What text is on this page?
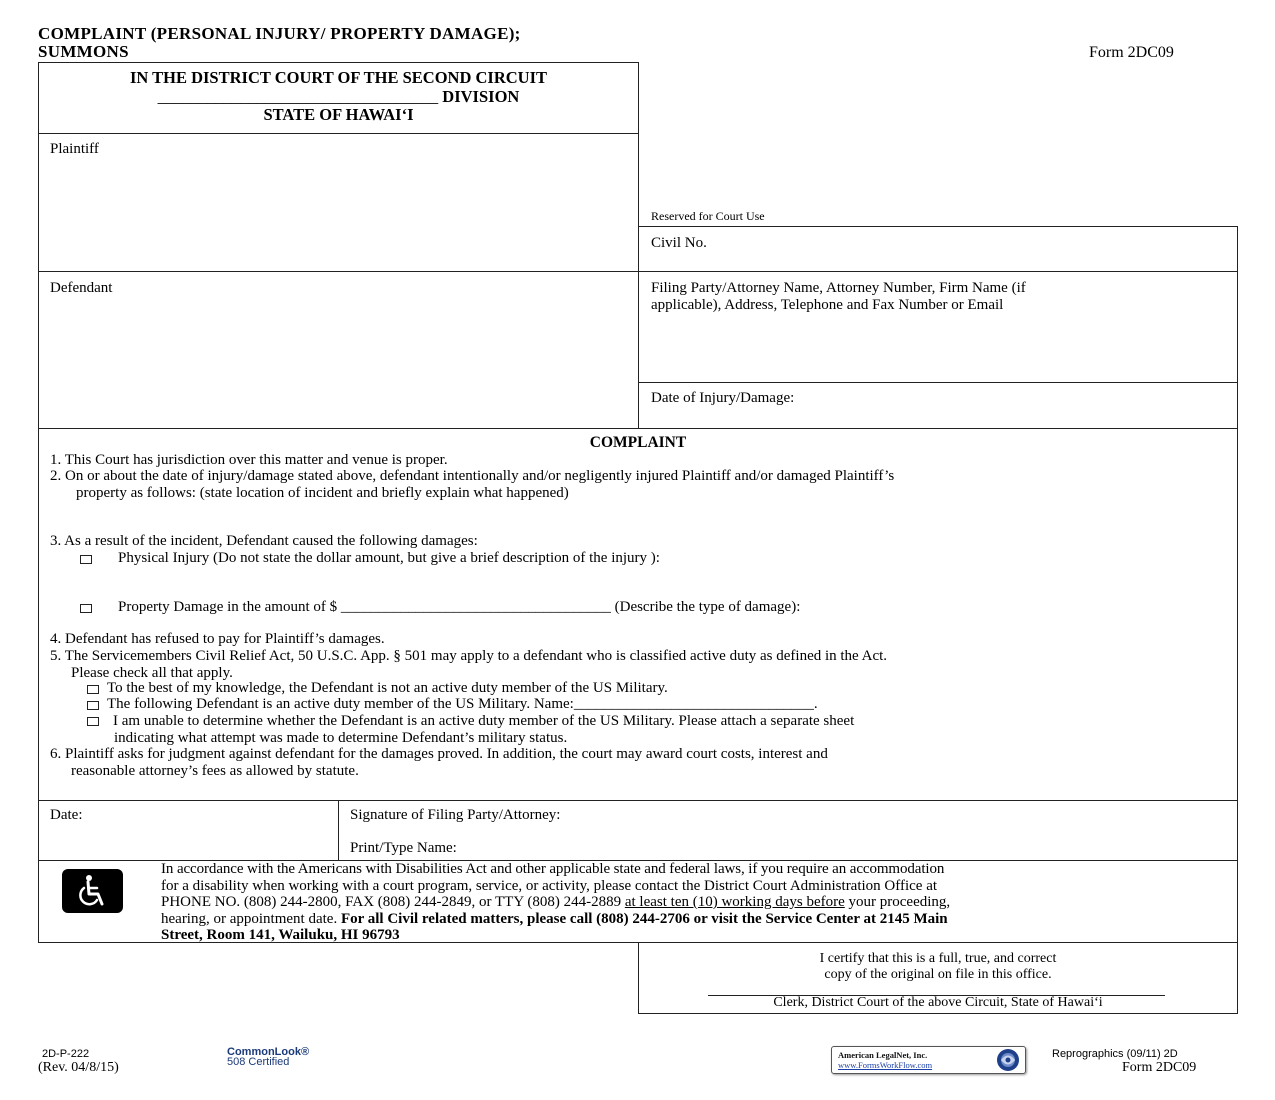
COMPLAINT (PERSONAL INJURY/ PROPERTY DAMAGE);
SUMMONS	Form 2DC09
IN THE DISTRICT COURT OF THE SECOND CIRCUIT
__________________________________ DIVISION
STATE OF HAWAI‘I
Plaintiff
Defendant
Reserved for Court Use
Civil No.
Filing Party/Attorney Name, Attorney Number, Firm Name (if
applicable), Address, Telephone and Fax Number or Email
Date of Injury/Damage:
COMPLAINT
1. This Court has jurisdiction over this matter and venue is proper.
2. On or about the date of injury/damage stated above, defendant intentionally and/or negligently injured Plaintiff and/or damaged Plaintiff’s
property as follows: (state location of incident and briefly explain what happened)
3. As a result of the incident, Defendant caused the following damages:
Physical Injury (Do not state the dollar amount, but give a brief description of the injury ):
Property Damage in the amount of $ ____________________________________ (Describe the type of damage):
4. Defendant has refused to pay for Plaintiff’s damages.
5. The Servicemembers Civil Relief Act, 50 U.S.C. App. § 501 may apply to a defendant who is classified active duty as defined in the Act.
Please check all that apply.
To the best of my knowledge, the Defendant is not an active duty member of the US Military.
The following Defendant is an active duty member of the US Military. Name:________________________________.
I am unable to determine whether the Defendant is an active duty member of the US Military. Please attach a separate sheet
indicating what attempt was made to determine Defendant’s military status.
6. Plaintiff asks for judgment against defendant for the damages proved. In addition, the court may award court costs, interest and
reasonable attorney’s fees as allowed by statute.
Date:	Signature of Filing Party/Attorney:
Print/Type Name:
In accordance with the Americans with Disabilities Act and other applicable state and federal laws, if you require an accommodation
for a disability when working with a court program, service, or activity, please contact the District Court Administration Office at
PHONE NO. (808) 244-2800, FAX (808) 244-2849, or TTY (808) 244-2889 at least ten (10) working days before your proceeding,
hearing, or appointment date. For all Civil related matters, please call (808) 244-2706 or visit the Service Center at 2145 Main
Street, Room 141, Wailuku, HI 96793
I certify that this is a full, true, and correct
copy of the original on file in this office.
Clerk, District Court of the above Circuit, State of Hawai‘i
2D-P-222
(Rev. 04/8/15)
CommonLook®
508 Certified
American LegalNet, Inc.
www.FormsWorkFlow.com
Reprographics (09/11) 2D
Form 2DC09
